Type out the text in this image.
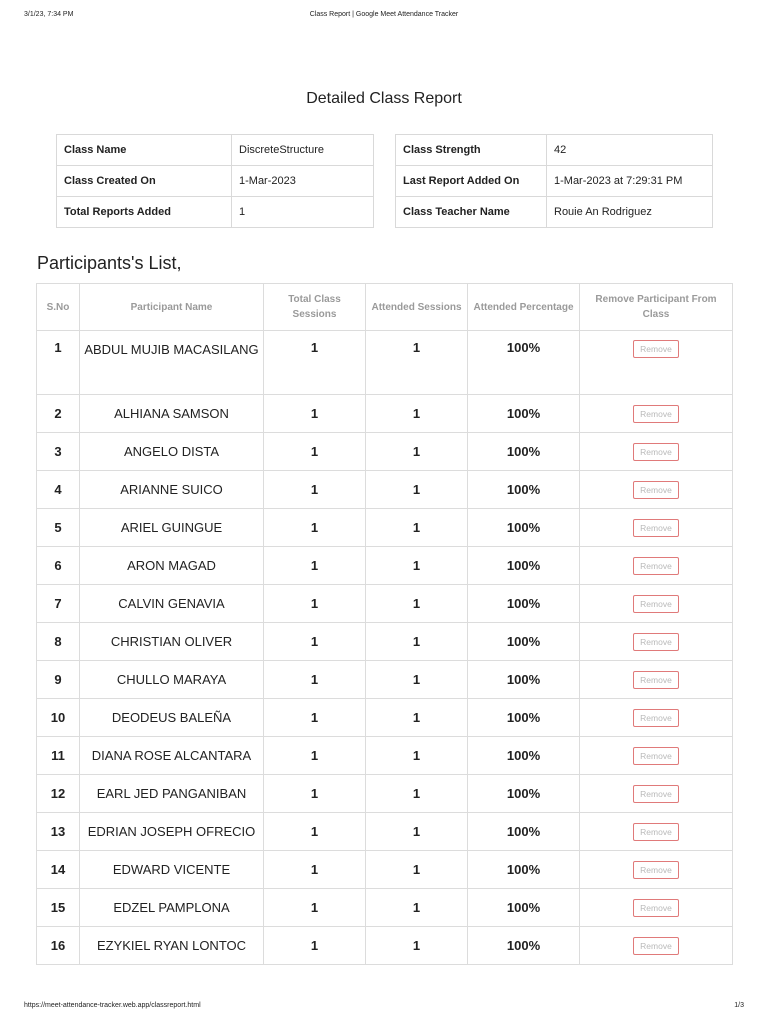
3/1/23, 7:34 PM	Class Report | Google Meet Attendance Tracker
Detailed Class Report
Class Name	DiscreteStructure
Class Created On	1-Mar-2023
Total Reports Added	1
Class Strength	42
Last Report Added On	1-Mar-2023 at 7:29:31 PM
Class Teacher Name	Rouie An Rodriguez
Participants's List,
S.No	Participant Name	Total Class Sessions	Attended Sessions	Attended Percentage	Remove Participant From Class
1	ABDUL MUJIB MACASILANG	1	1	100%	Remove
2	ALHIANA SAMSON	1	1	100%	Remove
3	ANGELO DISTA	1	1	100%	Remove
4	ARIANNE SUICO	1	1	100%	Remove
5	ARIEL GUINGUE	1	1	100%	Remove
6	ARON MAGAD	1	1	100%	Remove
7	CALVIN GENAVIA	1	1	100%	Remove
8	CHRISTIAN OLIVER	1	1	100%	Remove
9	CHULLO MARAYA	1	1	100%	Remove
10	DEODEUS BALEÑA	1	1	100%	Remove
11	DIANA ROSE ALCANTARA	1	1	100%	Remove
12	EARL JED PANGANIBAN	1	1	100%	Remove
13	EDRIAN JOSEPH OFRECIO	1	1	100%	Remove
14	EDWARD VICENTE	1	1	100%	Remove
15	EDZEL PAMPLONA	1	1	100%	Remove
16	EZYKIEL RYAN LONTOC	1	1	100%	Remove
https://meet-attendance-tracker.web.app/classreport.html	1/3
